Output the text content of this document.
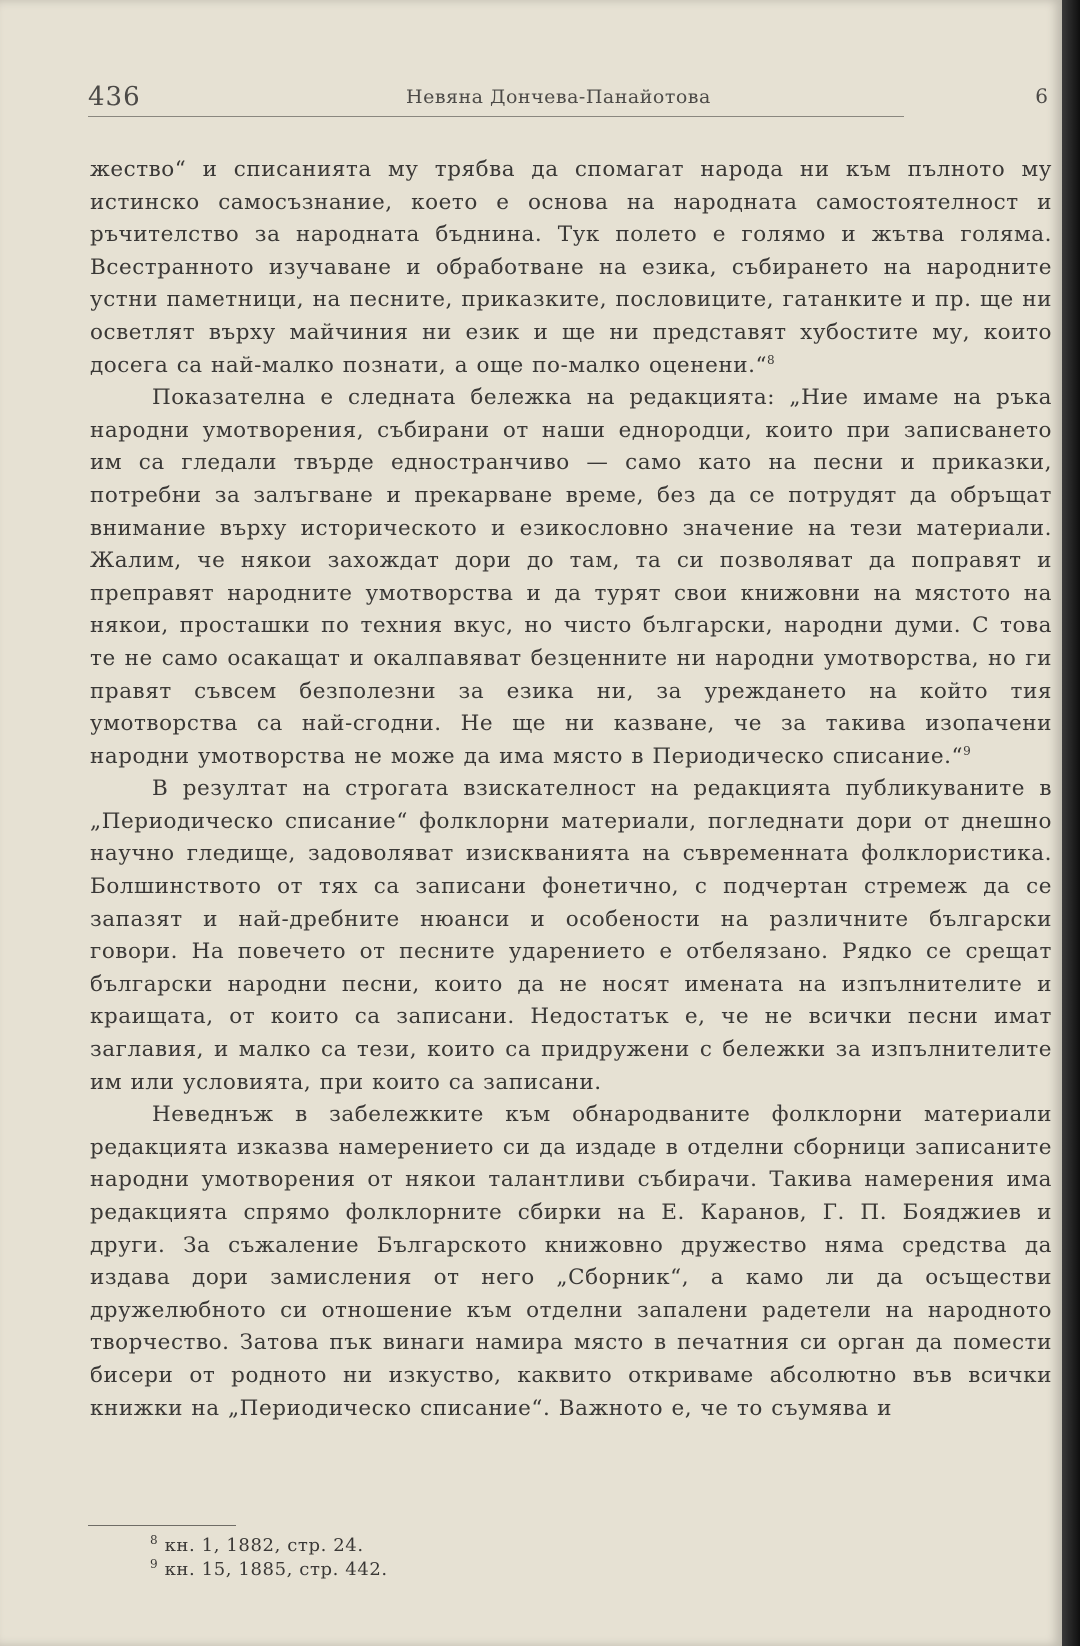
436	Невяна Дончева-Панайотова	6

жество“ и списанията му трябва да спомагат народа ни към пълното му истинско самосъзнание, което е основа на народната самостоятелност и ръчителство за народната бъднина. Тук полето е голямо и жътва голяма. Всестранното изучаване и обработване на езика, събирането на народните устни паметници, на песните, приказките, пословиците, гатанките и пр. ще ни осветлят върху майчиния ни език и ще ни представят хубостите му, които досега са най-малко познати, а още по-малко оценени.“$^8$

Показателна е следната бележка на редакцията: „Ние имаме на ръка народни умотворения, събирани от наши еднородци, които при записването им са гледали твърде едностранчиво — само като на песни и приказки, потребни за залъгване и прекарване време, без да се потрудят да обръщат внимание върху историческото и езикословно значение на тези материали. Жалим, че някои захождат дори до там, та си позволяват да поправят и преправят народните умотворства и да турят свои книжовни на мястото на някои, просташки по техния вкус, но чисто български, народни думи. С това те не само осакащат и окалпавяват безценните ни народни умотворства, но ги правят съвсем безполезни за езика ни, за уреждането на който тия умотворства са най-сгодни. Не ще ни казване, че за такива изопачени народни умотворства не може да има място в Периодическо списание.“$^9$

В резултат на строгата взискателност на редакцията публикуваните в „Периодическо списание“ фолклорни материали, погледнати дори от днешно научно гледище, задоволяват изискванията на съвременната фолклористика. Болшинството от тях са записани фонетично, с подчертан стремеж да се запазят и най-дребните нюанси и особености на различните български говори. На повечето от песните ударението е отбелязано. Рядко се срещат български народни песни, които да не носят имената на изпълнителите и краищата, от които са записани. Недостатък е, че не всички песни имат заглавия, и малко са тези, които са придружени с бележки за изпълнителите им или условията, при които са записани.

Неведнъж в забележките към обнародваните фолклорни материали редакцията изказва намерението си да издаде в отделни сборници записаните народни умотворения от някои талантливи събирачи. Такива намерения има редакцията спрямо фолклорните сбирки на Е. Каранов, Г. П. Бояджиев и други. За съжаление Българското книжовно дружество няма средства да издава дори замисления от него „Сборник“, а камо ли да осъществи дружелюбното си отношение към отделни запалени радетели на народното творчество. Затова пък винаги намира място в печатния си орган да помести бисери от родното ни изкуство, каквито откриваме абсолютно във всички книжки на „Периодическо списание“. Важното е, че то съумява и

$^8$ кн. 1, 1882, стр. 24.
$^9$ кн. 15, 1885, стр. 442.
